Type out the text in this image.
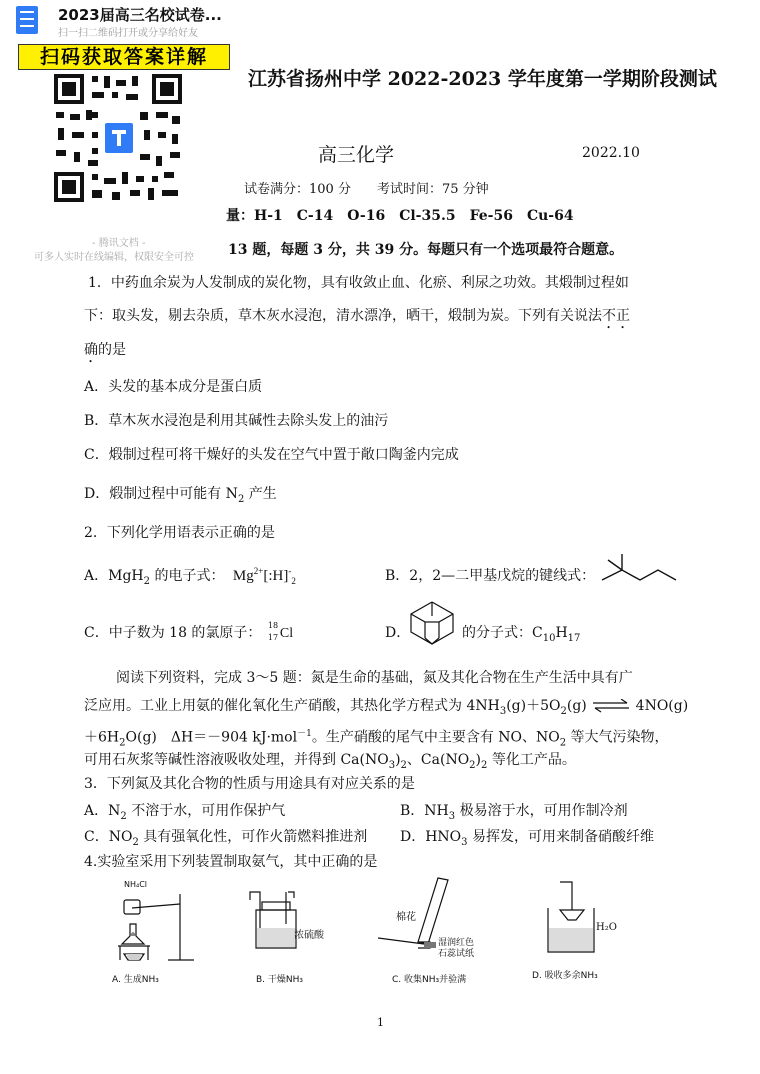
2023届高三名校试卷...
扫一扫二维码打开或分享给好友
扫码获取答案详解
- 腾讯文档 -
可多人实时在线编辑，权限安全可控
江苏省扬州中学 2022-2023 学年度第一学期阶段测试
高三化学	2022.10
试卷满分：100 分　　考试时间：75 分钟
量：H-1　C-14　O-16　Cl-35.5　Fe-56　Cu-64
13 题，每题 3 分，共 39 分。每题只有一个选项最符合题意。
1．中药血余炭为人发制成的炭化物，具有收敛止血、化瘀、利尿之功效。其煅制过程如
下：取头发，剔去杂质，草木灰水浸泡，清水漂净，晒干，煅制为炭。下列有关说法不正
确的是
A．头发的基本成分是蛋白质
B．草木灰水浸泡是利用其碱性去除头发上的油污
C．煅制过程可将干燥好的头发在空气中置于敞口陶釜内完成
D．煅制过程中可能有 $N_2$ 产生
2．下列化学用语表示正确的是
A．MgH$_2$ 的电子式： $Mg^{2+}[:H]^-_2$	B．2，2—二甲基戊烷的键线式：
C．中子数为 18 的氯原子： 18
17 Cl	D．	的分子式：$C_{10}H_{17}$
阅读下列资料，完成 3～5 题：氮是生命的基础，氮及其化合物在生产生活中具有广
泛应用。工业上用氨的催化氧化生产硝酸，其热化学方程式为 $4NH_3(g)+5O_2(g)$ ⇌ 4NO(g)
$+6H_2O(g)$　ΔH＝－904 kJ·mol$^{-1}$。生产硝酸的尾气中主要含有 NO、$NO_2$ 等大气污染物，
可用石灰浆等碱性溶液吸收处理，并得到 $Ca(NO_3)_2$、$Ca(NO_2)_2$ 等化工产品。
3．下列氮及其化合物的性质与用途具有对应关系的是
A．$N_2$ 不溶于水，可用作保护气	B．$NH_3$ 极易溶于水，可用作制冷剂
C．$NO_2$ 具有强氧化性，可作火箭燃料推进剂 D．$HNO_3$ 易挥发，可用来制备硝酸纤维
4.实验室采用下列装置制取氨气，其中正确的是
NH₄Cl
A. 生成NH₃
浓硫酸
B. 干燥NH₃
棉花
湿润红色
石蕊试纸
C. 收集NH₃并验满
H₂O
D. 吸收多余NH₃
1
